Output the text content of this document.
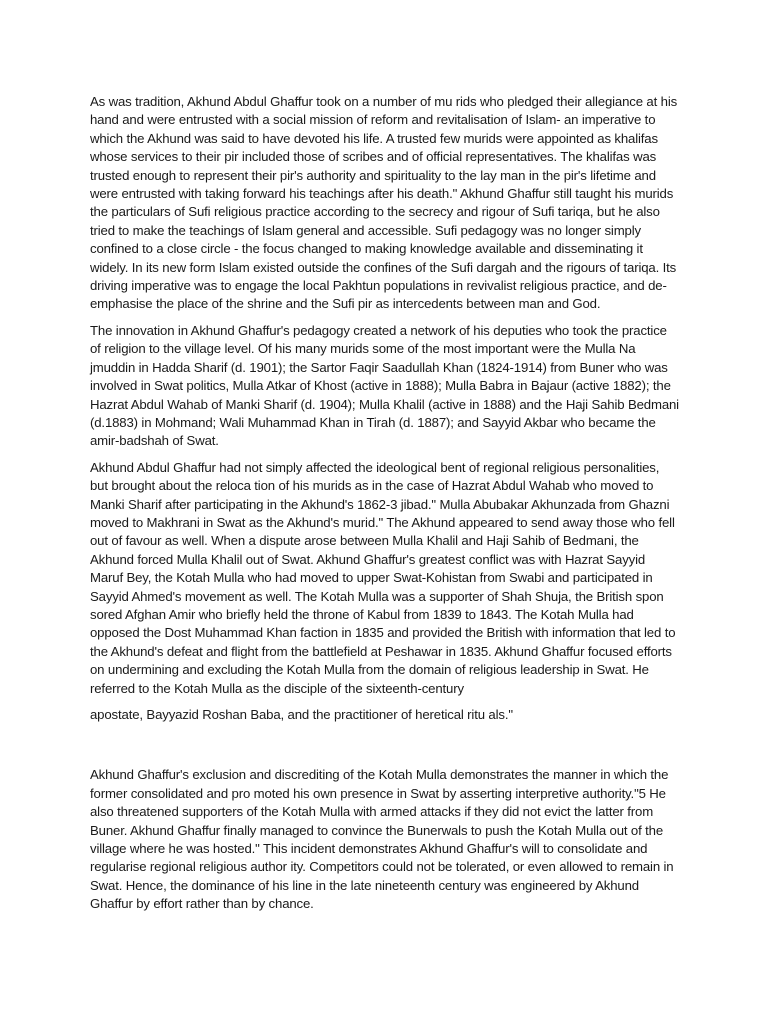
As was tradition, Akhund Abdul Ghaffur took on a number of mu rids who pledged their allegiance at his hand and were entrusted with a social mission of reform and revitalisation of Islam- an imperative to which the Akhund was said to have devoted his life. A trusted few murids were appointed as khalifas whose services to their pir included those of scribes and of official representatives. The khalifas was trusted enough to represent their pir's authority and spirituality to the lay man in the pir's lifetime and were entrusted with taking forward his teachings after his death." Akhund Ghaffur still taught his murids the particulars of Sufi religious practice according to the secrecy and rigour of Sufi tariqa, but he also tried to make the teachings of Islam general and accessible. Sufi pedagogy was no longer simply confined to a close circle - the focus changed to making knowledge available and disseminating it widely. In its new form Islam existed outside the confines of the Sufi dargah and the rigours of tariqa. Its driving imperative was to engage the local Pakhtun populations in revivalist religious practice, and de-emphasise the place of the shrine and the Sufi pir as intercedents between man and God.

The innovation in Akhund Ghaffur's pedagogy created a network of his deputies who took the practice of religion to the village level. Of his many murids some of the most important were the Mulla Na jmuddin in Hadda Sharif (d. 1901); the Sartor Faqir Saadullah Khan (1824-1914) from Buner who was involved in Swat politics, Mulla Atkar of Khost (active in 1888); Mulla Babra in Bajaur (active 1882); the Hazrat Abdul Wahab of Manki Sharif (d. 1904); Mulla Khalil (active in 1888) and the Haji Sahib Bedmani (d.1883) in Mohmand; Wali Muhammad Khan in Tirah (d. 1887); and Sayyid Akbar who became the amir-badshah of Swat.

Akhund Abdul Ghaffur had not simply affected the ideological bent of regional religious personalities, but brought about the reloca tion of his murids as in the case of Hazrat Abdul Wahab who moved to Manki Sharif after participating in the Akhund's 1862-3 jibad." Mulla Abubakar Akhunzada from Ghazni moved to Makhrani in Swat as the Akhund's murid." The Akhund appeared to send away those who fell out of favour as well. When a dispute arose between Mulla Khalil and Haji Sahib of Bedmani, the Akhund forced Mulla Khalil out of Swat. Akhund Ghaffur's greatest conflict was with Hazrat Sayyid Maruf Bey, the Kotah Mulla who had moved to upper Swat-Kohistan from Swabi and participated in Sayyid Ahmed's movement as well. The Kotah Mulla was a supporter of Shah Shuja, the British spon sored Afghan Amir who briefly held the throne of Kabul from 1839 to 1843. The Kotah Mulla had opposed the Dost Muhammad Khan faction in 1835 and provided the British with information that led to the Akhund's defeat and flight from the battlefield at Peshawar in 1835. Akhund Ghaffur focused efforts on undermining and excluding the Kotah Mulla from the domain of religious leadership in Swat. He referred to the Kotah Mulla as the disciple of the sixteenth-century

apostate, Bayyazid Roshan Baba, and the practitioner of heretical ritu als."

Akhund Ghaffur's exclusion and discrediting of the Kotah Mulla demonstrates the manner in which the former consolidated and pro moted his own presence in Swat by asserting interpretive authority."5 He also threatened supporters of the Kotah Mulla with armed attacks if they did not evict the latter from Buner. Akhund Ghaffur finally managed to convince the Bunerwals to push the Kotah Mulla out of the village where he was hosted." This incident demonstrates Akhund Ghaffur's will to consolidate and regularise regional religious author ity. Competitors could not be tolerated, or even allowed to remain in Swat. Hence, the dominance of his line in the late nineteenth century was engineered by Akhund Ghaffur by effort rather than by chance.
